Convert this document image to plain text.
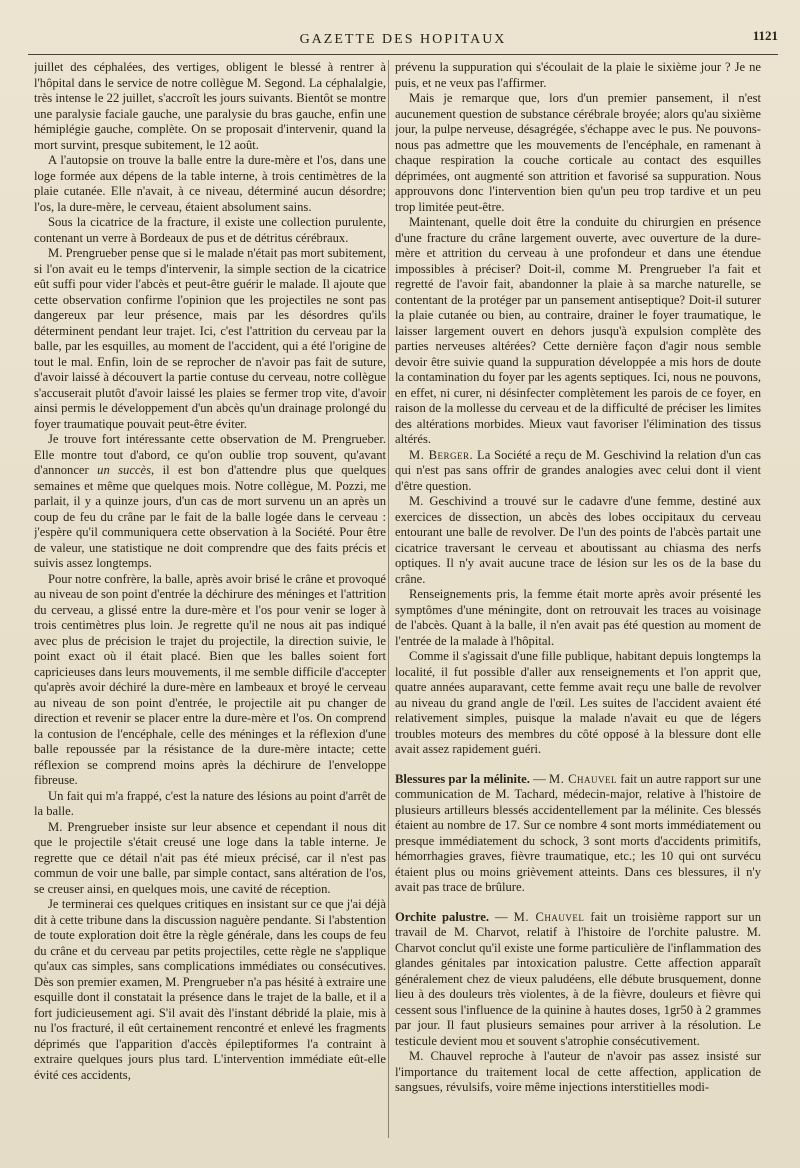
GAZETTE DES HOPITAUX	1121

juillet des céphalées, des vertiges, obligent le blessé à rentrer à l'hôpital dans le service de notre collègue M. Segond. La céphalalgie, très intense le 22 juillet, s'accroît les jours suivants. Bientôt se montre une paralysie faciale gauche, une paralysie du bras gauche, enfin une hémiplégie gauche, complète. On se proposait d'intervenir, quand la mort survint, presque subitement, le 12 août.

A l'autopsie on trouve la balle entre la dure-mère et l'os, dans une loge formée aux dépens de la table interne, à trois centimètres de la plaie cutanée. Elle n'avait, à ce niveau, déterminé aucun désordre; l'os, la dure-mère, le cerveau, étaient absolument sains.

Sous la cicatrice de la fracture, il existe une collection purulente, contenant un verre à Bordeaux de pus et de détritus cérébraux.

M. Prengrueber pense que si le malade n'était pas mort subitement, si l'on avait eu le temps d'intervenir, la simple section de la cicatrice eût suffi pour vider l'abcès et peut-être guérir le malade. Il ajoute que cette observation confirme l'opinion que les projectiles ne sont pas dangereux par leur présence, mais par les désordres qu'ils déterminent pendant leur trajet. Ici, c'est l'attrition du cerveau par la balle, par les esquilles, au moment de l'accident, qui a été l'origine de tout le mal. Enfin, loin de se reprocher de n'avoir pas fait de suture, d'avoir laissé à découvert la partie contuse du cerveau, notre collègue s'accuserait plutôt d'avoir laissé les plaies se fermer trop vite, d'avoir ainsi permis le développement d'un abcès qu'un drainage prolongé du foyer traumatique pouvait peut-être éviter.

Je trouve fort intéressante cette observation de M. Prengrueber. Elle montre tout d'abord, ce qu'on oublie trop souvent, qu'avant d'annoncer un succès, il est bon d'attendre plus que quelques semaines et même que quelques mois. Notre collègue, M. Pozzi, me parlait, il y a quinze jours, d'un cas de mort survenu un an après un coup de feu du crâne par le fait de la balle logée dans le cerveau : j'espère qu'il communiquera cette observation à la Société. Pour être de valeur, une statistique ne doit comprendre que des faits précis et suivis assez longtemps.

Pour notre confrère, la balle, après avoir brisé le crâne et provoqué au niveau de son point d'entrée la déchirure des méninges et l'attrition du cerveau, a glissé entre la dure-mère et l'os pour venir se loger à trois centimètres plus loin. Je regrette qu'il ne nous ait pas indiqué avec plus de précision le trajet du projectile, la direction suivie, le point exact où il était placé. Bien que les balles soient fort capricieuses dans leurs mouvements, il me semble difficile d'accepter qu'après avoir déchiré la dure-mère en lambeaux et broyé le cerveau au niveau de son point d'entrée, le projectile ait pu changer de direction et revenir se placer entre la dure-mère et l'os. On comprend la contusion de l'encéphale, celle des méninges et la réflexion d'une balle repoussée par la résistance de la dure-mère intacte; cette réflexion se comprend moins après la déchirure de l'enveloppe fibreuse.

Un fait qui m'a frappé, c'est la nature des lésions au point d'arrêt de la balle.

M. Prengrueber insiste sur leur absence et cependant il nous dit que le projectile s'était creusé une loge dans la table interne. Je regrette que ce détail n'ait pas été mieux précisé, car il n'est pas commun de voir une balle, par simple contact, sans altération de l'os, se creuser ainsi, en quelques mois, une cavité de réception.

Je terminerai ces quelques critiques en insistant sur ce que j'ai déjà dit à cette tribune dans la discussion naguère pendante. Si l'abstention de toute exploration doit être la règle générale, dans les coups de feu du crâne et du cerveau par petits projectiles, cette règle ne s'applique qu'aux cas simples, sans complications immédiates ou consécutives. Dès son premier examen, M. Prengrueber n'a pas hésité à extraire une esquille dont il constatait la présence dans le trajet de la balle, et il a fort judicieusement agi. S'il avait dès l'instant débridé la plaie, mis à nu l'os fracturé, il eût certainement rencontré et enlevé les fragments déprimés que l'apparition d'accès épileptiformes l'a contraint à extraire quelques jours plus tard. L'intervention immédiate eût-elle évité ces accidents,

prévenu la suppuration qui s'écoulait de la plaie le sixième jour ? Je ne puis, et ne veux pas l'affirmer.

Mais je remarque que, lors d'un premier pansement, il n'est aucunement question de substance cérébrale broyée; alors qu'au sixième jour, la pulpe nerveuse, désagrégée, s'échappe avec le pus. Ne pouvons-nous pas admettre que les mouvements de l'encéphale, en ramenant à chaque respiration la couche corticale au contact des esquilles déprimées, ont augmenté son attrition et favorisé sa suppuration. Nous approuvons donc l'intervention bien qu'un peu trop tardive et un peu trop limitée peut-être.

Maintenant, quelle doit être la conduite du chirurgien en présence d'une fracture du crâne largement ouverte, avec ouverture de la dure-mère et attrition du cerveau à une profondeur et dans une étendue impossibles à préciser? Doit-il, comme M. Prengrueber l'a fait et regretté de l'avoir fait, abandonner la plaie à sa marche naturelle, se contentant de la protéger par un pansement antiseptique? Doit-il suturer la plaie cutanée ou bien, au contraire, drainer le foyer traumatique, le laisser largement ouvert en dehors jusqu'à expulsion complète des parties nerveuses altérées? Cette dernière façon d'agir nous semble devoir être suivie quand la suppuration développée a mis hors de doute la contamination du foyer par les agents septiques. Ici, nous ne pouvons, en effet, ni curer, ni désinfecter complètement les parois de ce foyer, en raison de la mollesse du cerveau et de la difficulté de préciser les limites des altérations morbides. Mieux vaut favoriser l'élimination des tissus altérés.

M. Berger. La Société a reçu de M. Geschivind la relation d'un cas qui n'est pas sans offrir de grandes analogies avec celui dont il vient d'être question.

M. Geschivind a trouvé sur le cadavre d'une femme, destiné aux exercices de dissection, un abcès des lobes occipitaux du cerveau entourant une balle de revolver. De l'un des points de l'abcès partait une cicatrice traversant le cerveau et aboutissant au chiasma des nerfs optiques. Il n'y avait aucune trace de lésion sur les os de la base du crâne.

Renseignements pris, la femme était morte après avoir présenté les symptômes d'une méningite, dont on retrouvait les traces au voisinage de l'abcès. Quant à la balle, il n'en avait pas été question au moment de l'entrée de la malade à l'hôpital.

Comme il s'agissait d'une fille publique, habitant depuis longtemps la localité, il fut possible d'aller aux renseignements et l'on apprit que, quatre années auparavant, cette femme avait reçu une balle de revolver au niveau du grand angle de l'œil. Les suites de l'accident avaient été relativement simples, puisque la malade n'avait eu que de légers troubles moteurs des membres du côté opposé à la blessure dont elle avait assez rapidement guéri.

Blessures par la mélinite. — M. Chauvel fait un autre rapport sur une communication de M. Tachard, médecin-major, relative à l'histoire de plusieurs artilleurs blessés accidentellement par la mélinite. Ces blessés étaient au nombre de 17. Sur ce nombre 4 sont morts immédiatement ou presque immédiatement du schock, 3 sont morts d'accidents primitifs, hémorrhagies graves, fièvre traumatique, etc.; les 10 qui ont survécu étaient plus ou moins grièvement atteints. Dans ces blessures, il n'y avait pas trace de brûlure.

Orchite palustre. — M. Chauvel fait un troisième rapport sur un travail de M. Charvot, relatif à l'histoire de l'orchite palustre. M. Charvot conclut qu'il existe une forme particulière de l'inflammation des glandes génitales par intoxication palustre. Cette affection apparaît généralement chez de vieux paludéens, elle débute brusquement, donne lieu à des douleurs très violentes, à de la fièvre, douleurs et fièvre qui cessent sous l'influence de la quinine à hautes doses, 1gr50 à 2 grammes par jour. Il faut plusieurs semaines pour arriver à la résolution. Le testicule devient mou et souvent s'atrophie consécutivement.

M. Chauvel reproche à l'auteur de n'avoir pas assez insisté sur l'importance du traitement local de cette affection, application de sangsues, révulsifs, voire même injections interstitielles modi-
